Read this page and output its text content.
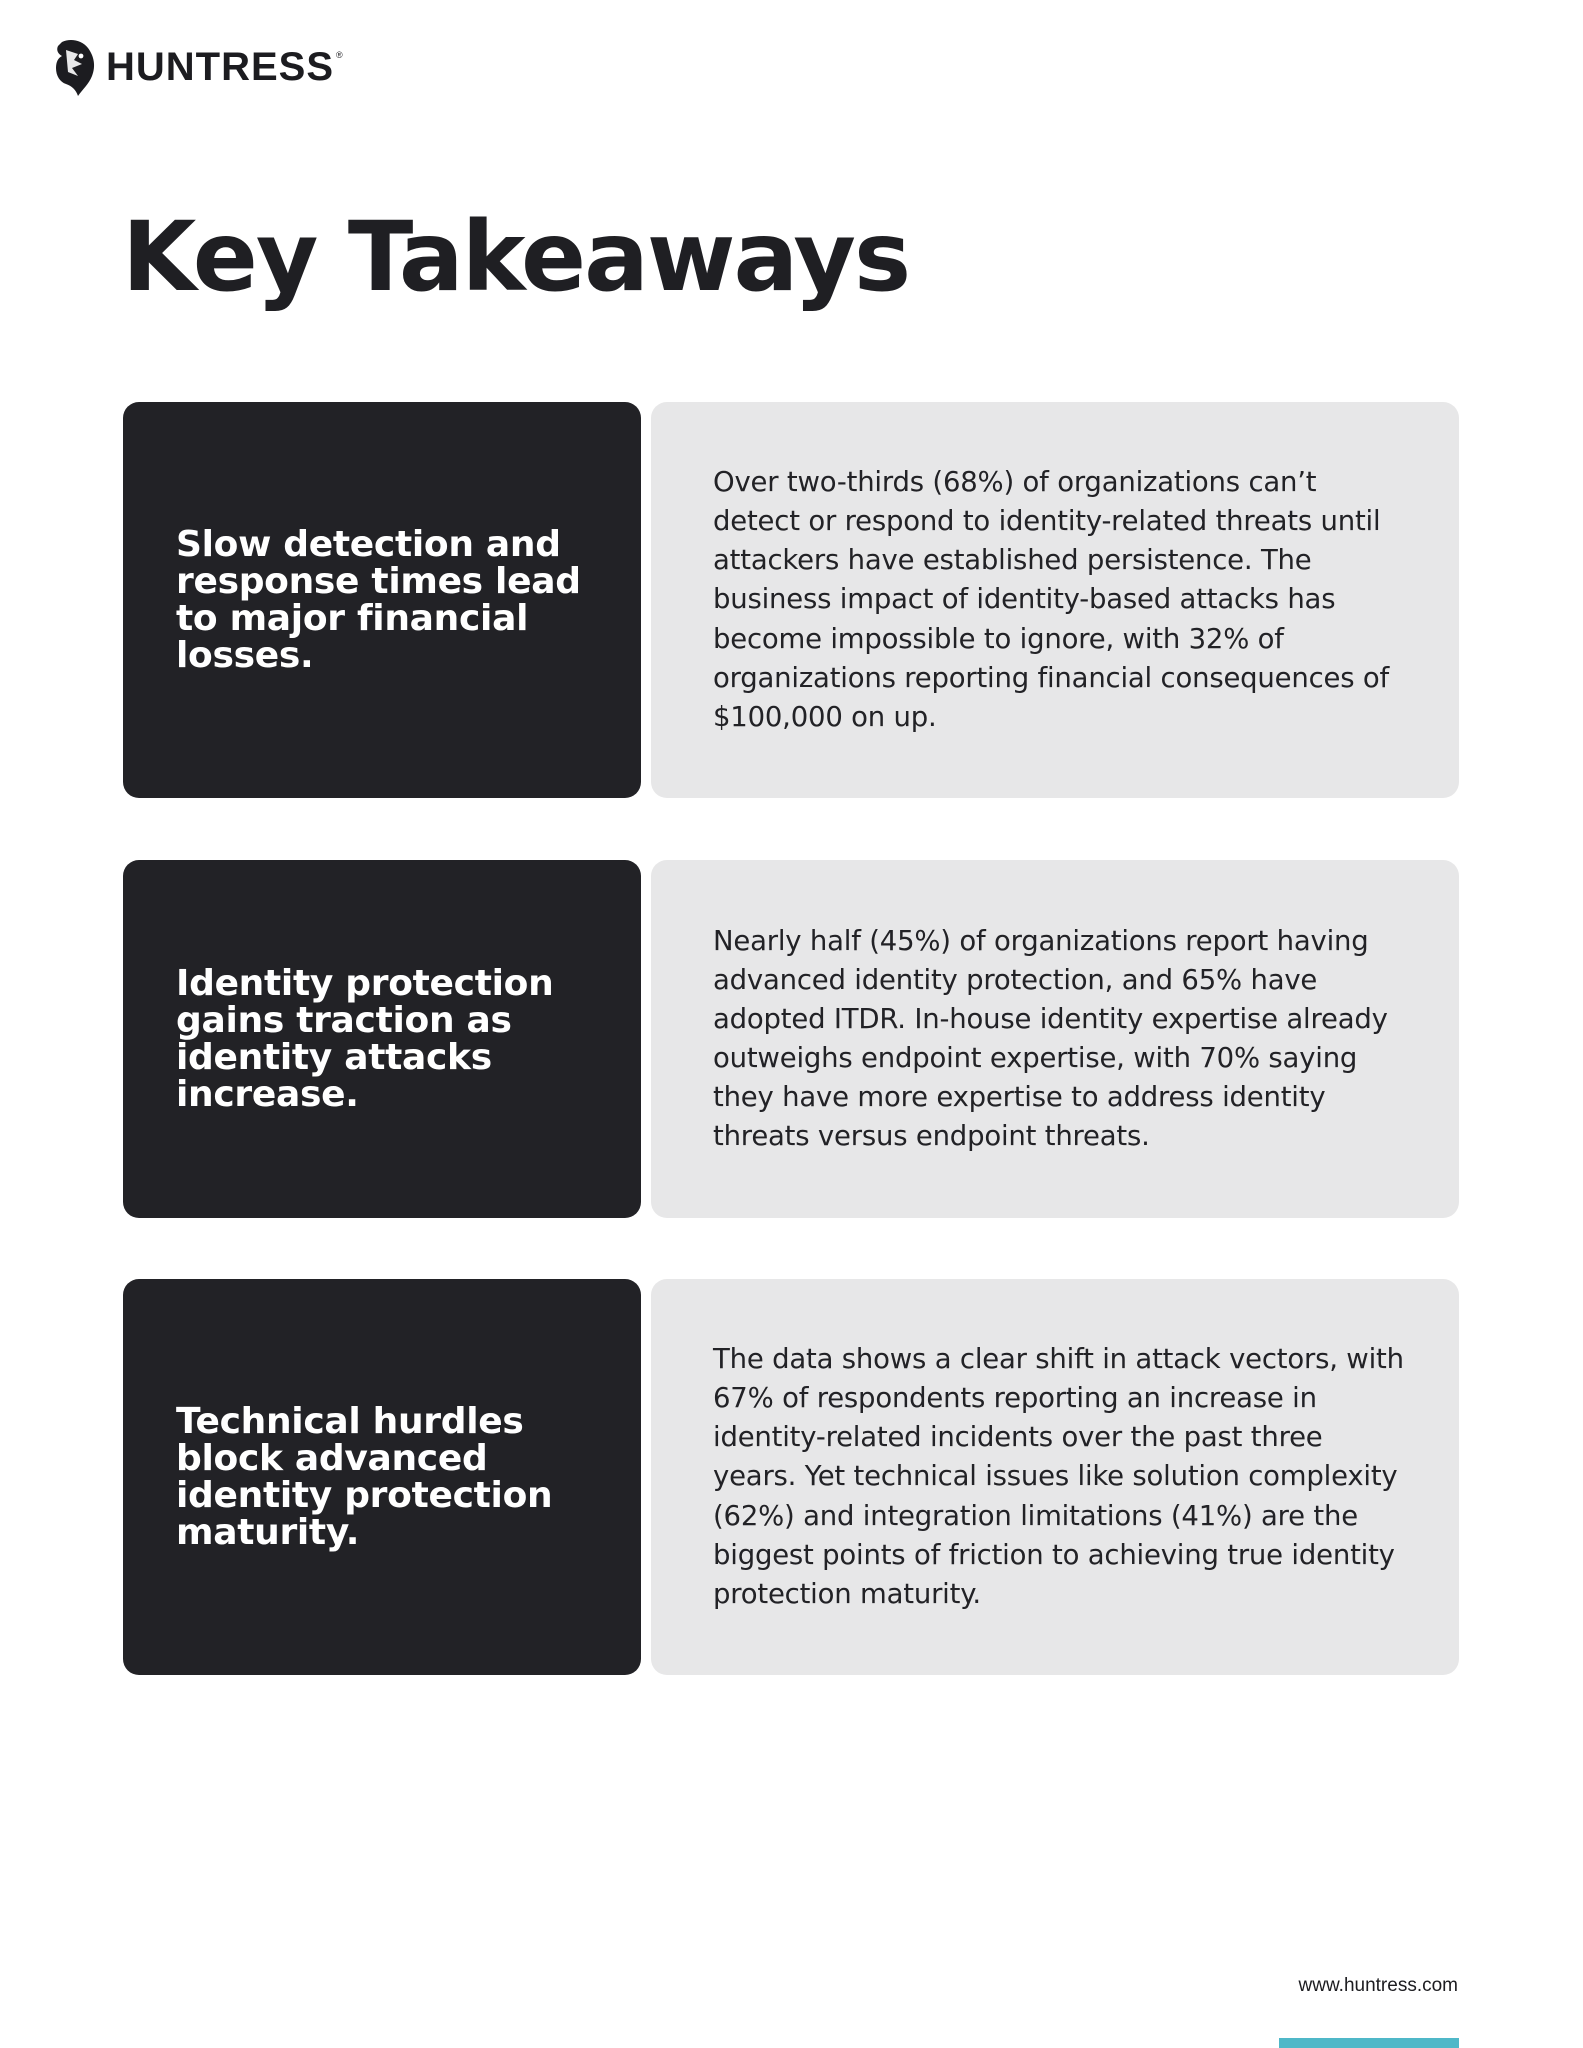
HUNTRESS ®
Key Takeaways

Slow detection and response times lead to major financial losses.

Over two-thirds (68%) of organizations can’t detect or respond to identity-related threats until attackers have established persistence. The business impact of identity-based attacks has become impossible to ignore, with 32% of organizations reporting financial consequences of $100,000 on up.

Identity protection gains traction as identity attacks increase.

Nearly half (45%) of organizations report having advanced identity protection, and 65% have adopted ITDR. In-house identity expertise already outweighs endpoint expertise, with 70% saying they have more expertise to address identity threats versus endpoint threats.

Technical hurdles block advanced identity protection maturity.

The data shows a clear shift in attack vectors, with 67% of respondents reporting an increase in identity-related incidents over the past three years. Yet technical issues like solution complexity (62%) and integration limitations (41%) are the biggest points of friction to achieving true identity protection maturity.

www.huntress.com
